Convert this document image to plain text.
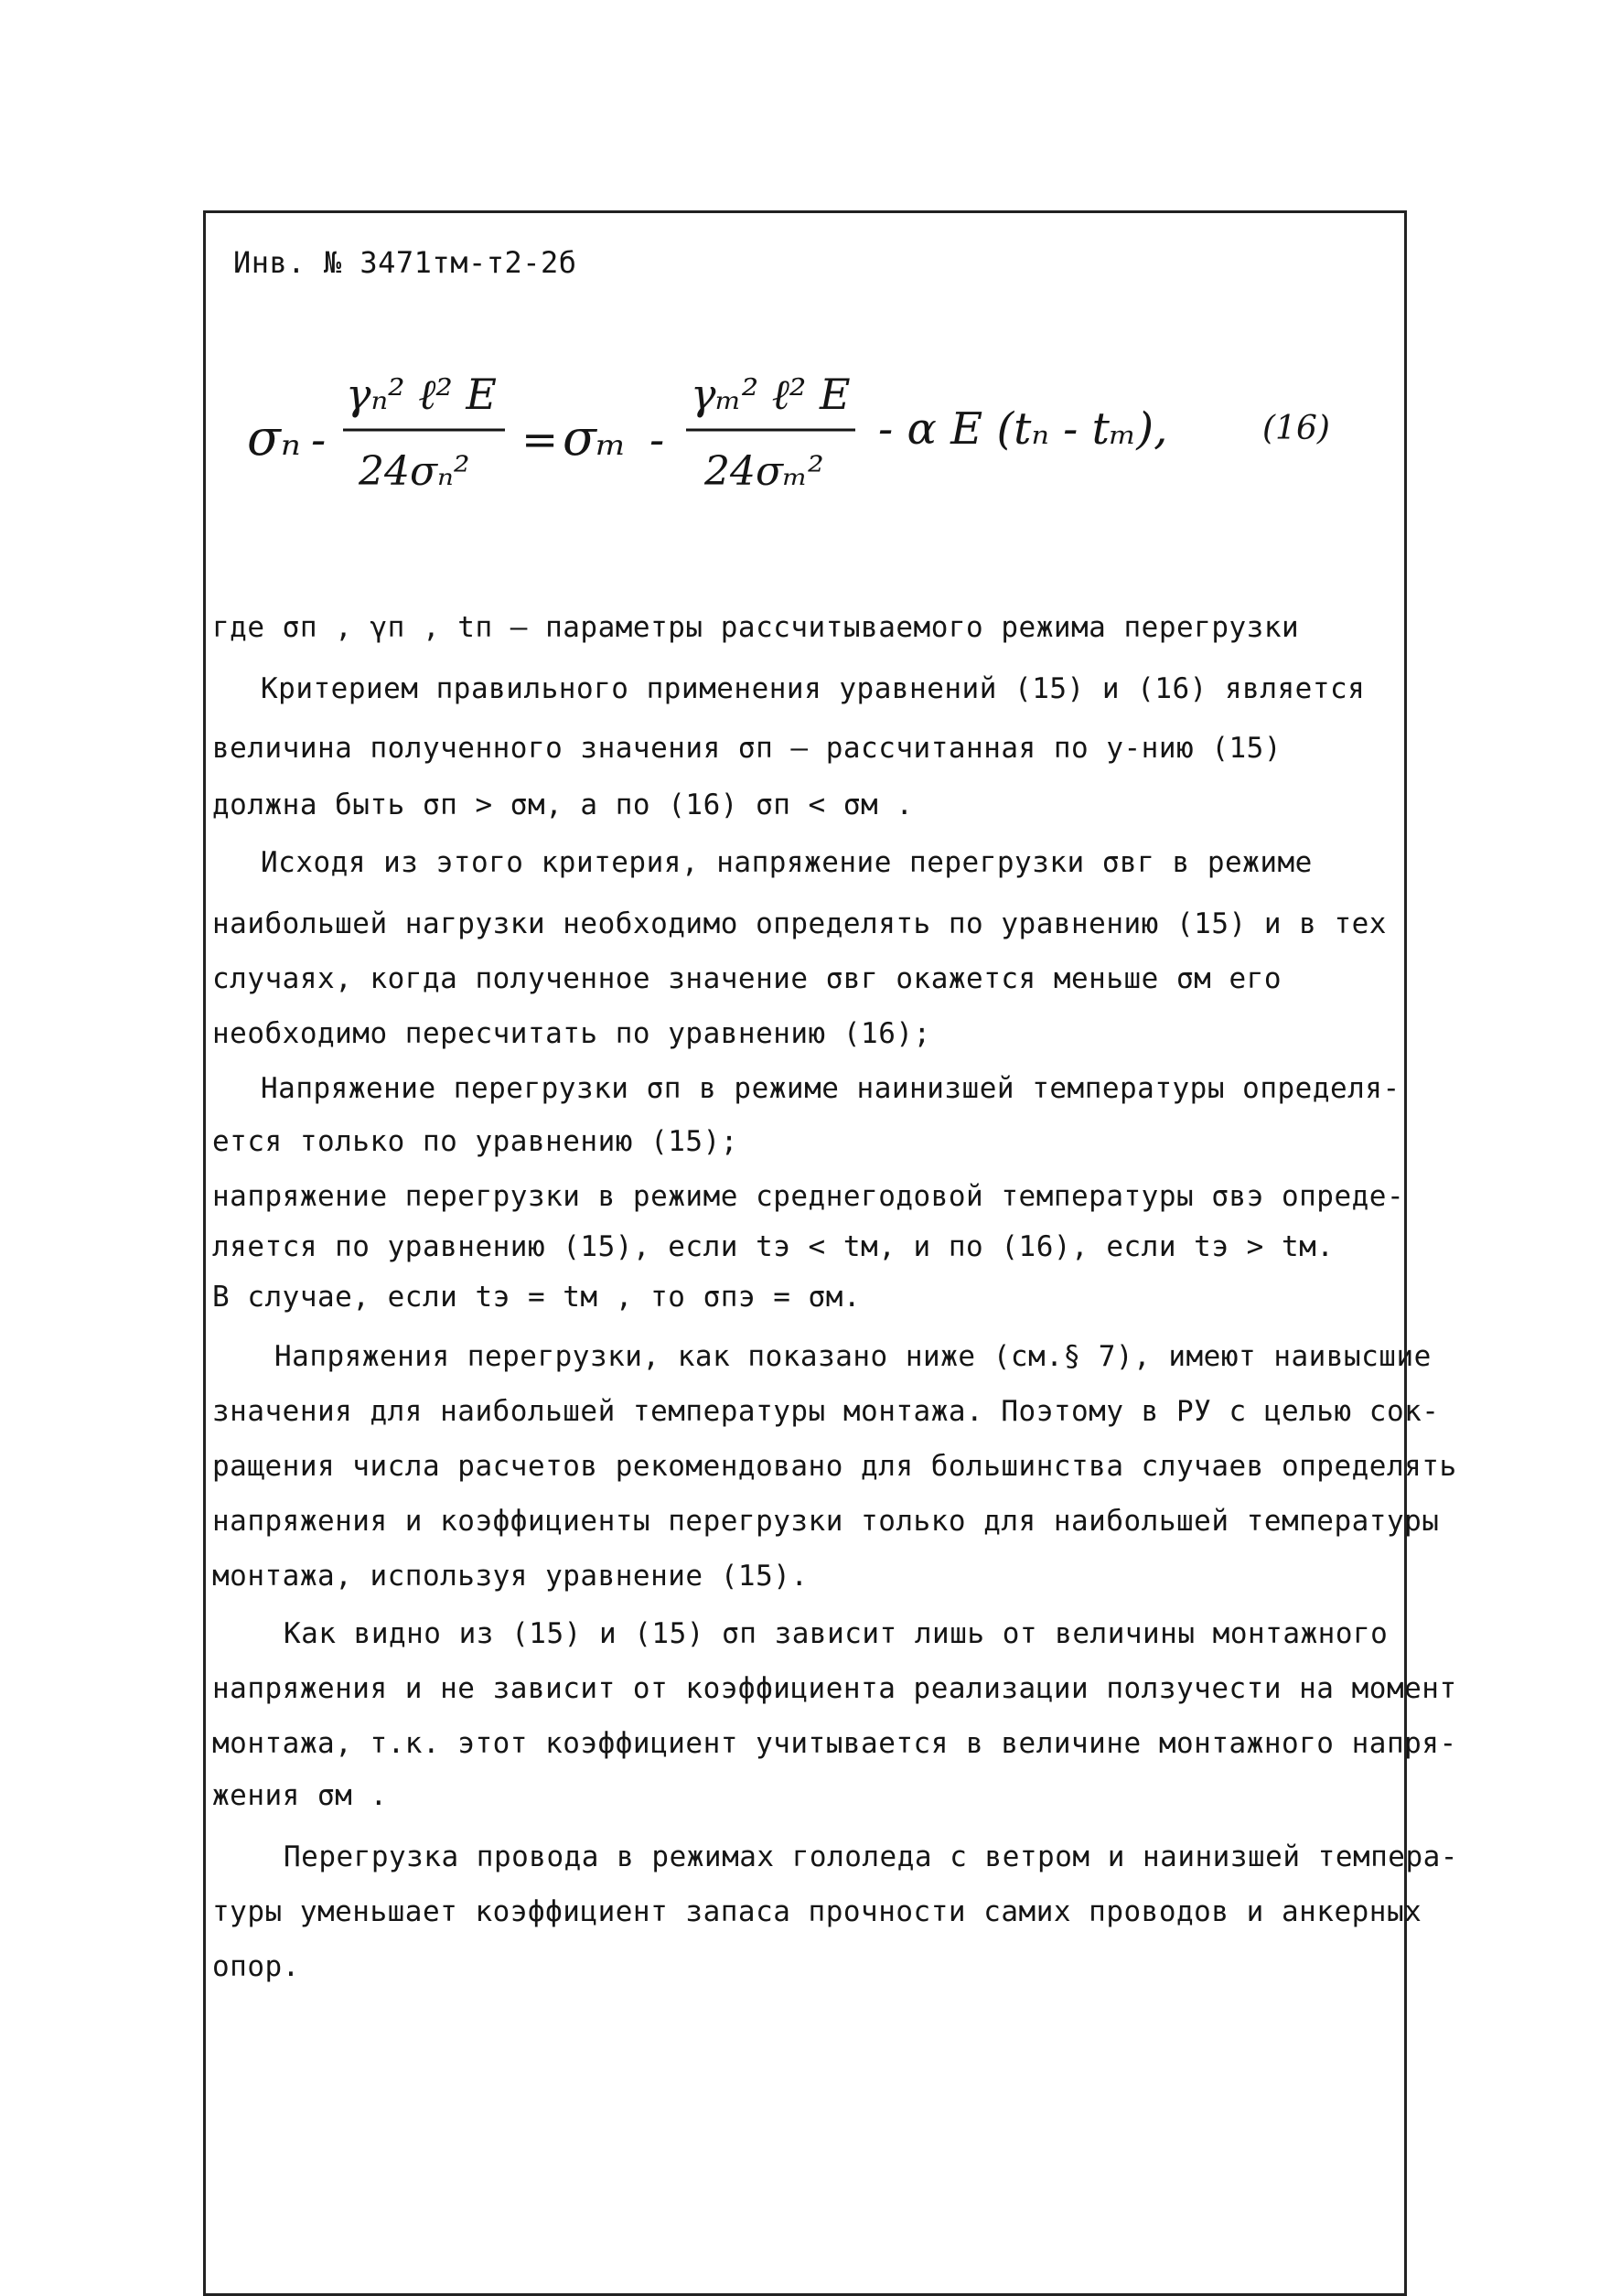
Инв. № 3471тм-т2-2б
σₙ -
γₙ² ℓ² E
24σₙ²
= σₘ -
γₘ² ℓ² E
24σₘ²
- α E (tₙ - tₘ),	(16)
где σп , γп , tп – параметры рассчитываемого режима перегрузки
Критерием правильного применения уравнений (15) и (16) является
величина полученного значения σп – рассчитанная по у-нию (15)
должна быть σп > σм, а по (16) σп < σм .
Исходя из этого критерия, напряжение перегрузки σвг в режиме
наибольшей нагрузки необходимо определять по уравнению (15) и в тех
случаях, когда полученное значение σвг окажется меньше σм его
необходимо пересчитать по уравнению (16);
Напряжение перегрузки σп в режиме наинизшей температуры определя-
ется только по уравнению (15);
напряжение перегрузки в режиме среднегодовой температуры σвэ опреде-
ляется по уравнению (15), если tэ < tм, и по (16), если tэ > tм.
В случае, если tэ = tм , то σпэ = σм.
Напряжения перегрузки, как показано ниже (см.§ 7), имеют наивысшие
значения для наибольшей температуры монтажа. Поэтому в РУ с целью сок-
ращения числа расчетов рекомендовано для большинства случаев определять
напряжения и коэффициенты перегрузки только для наибольшей температуры
монтажа, используя уравнение (15).
Как видно из (15) и (15) σп зависит лишь от величины монтажного
напряжения и не зависит от коэффициента реализации ползучести на момент
монтажа, т.к. этот коэффициент учитывается в величине монтажного напря-
жения σм .
Перегрузка провода в режимах гололеда с ветром и наинизшей темпера-
туры уменьшает коэффициент запаса прочности самих проводов и анкерных
опор.
